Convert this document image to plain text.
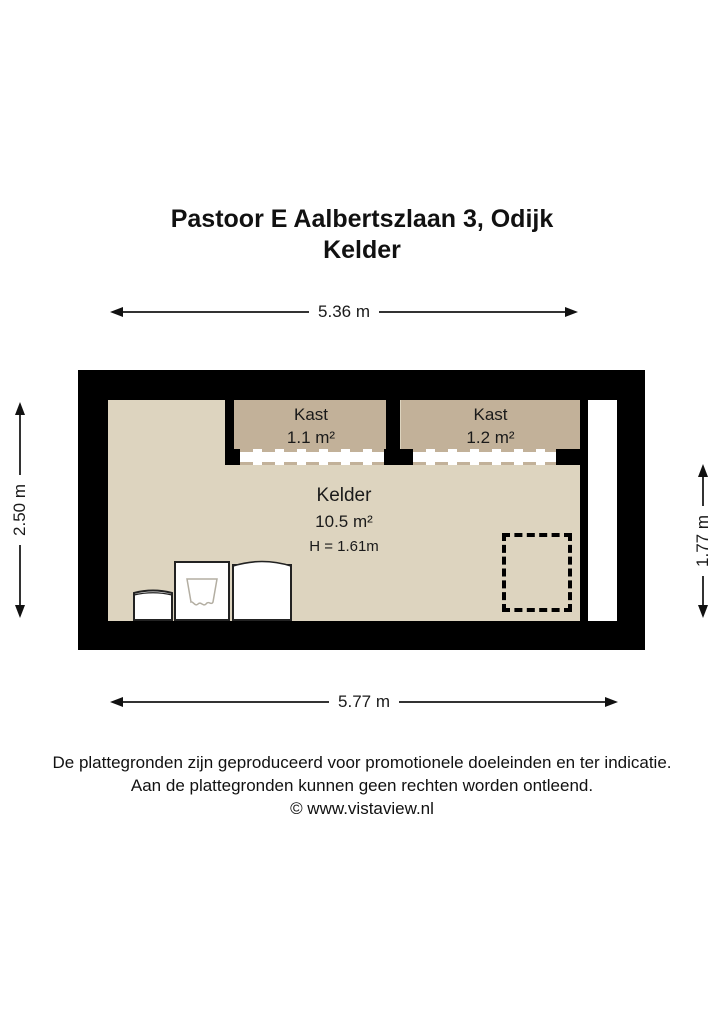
Pastoor E Aalbertszlaan 3, Odijk
Kelder
5.36 m
2.50 m
1.77 m
Kast
1.1 m²
Kast
1.2 m²
Kelder
10.5 m²
H = 1.61m
5.77 m
De plattegronden zijn geproduceerd voor promotionele doeleinden en ter indicatie.
Aan de plattegronden kunnen geen rechten worden ontleend.
© www.vistaview.nl
